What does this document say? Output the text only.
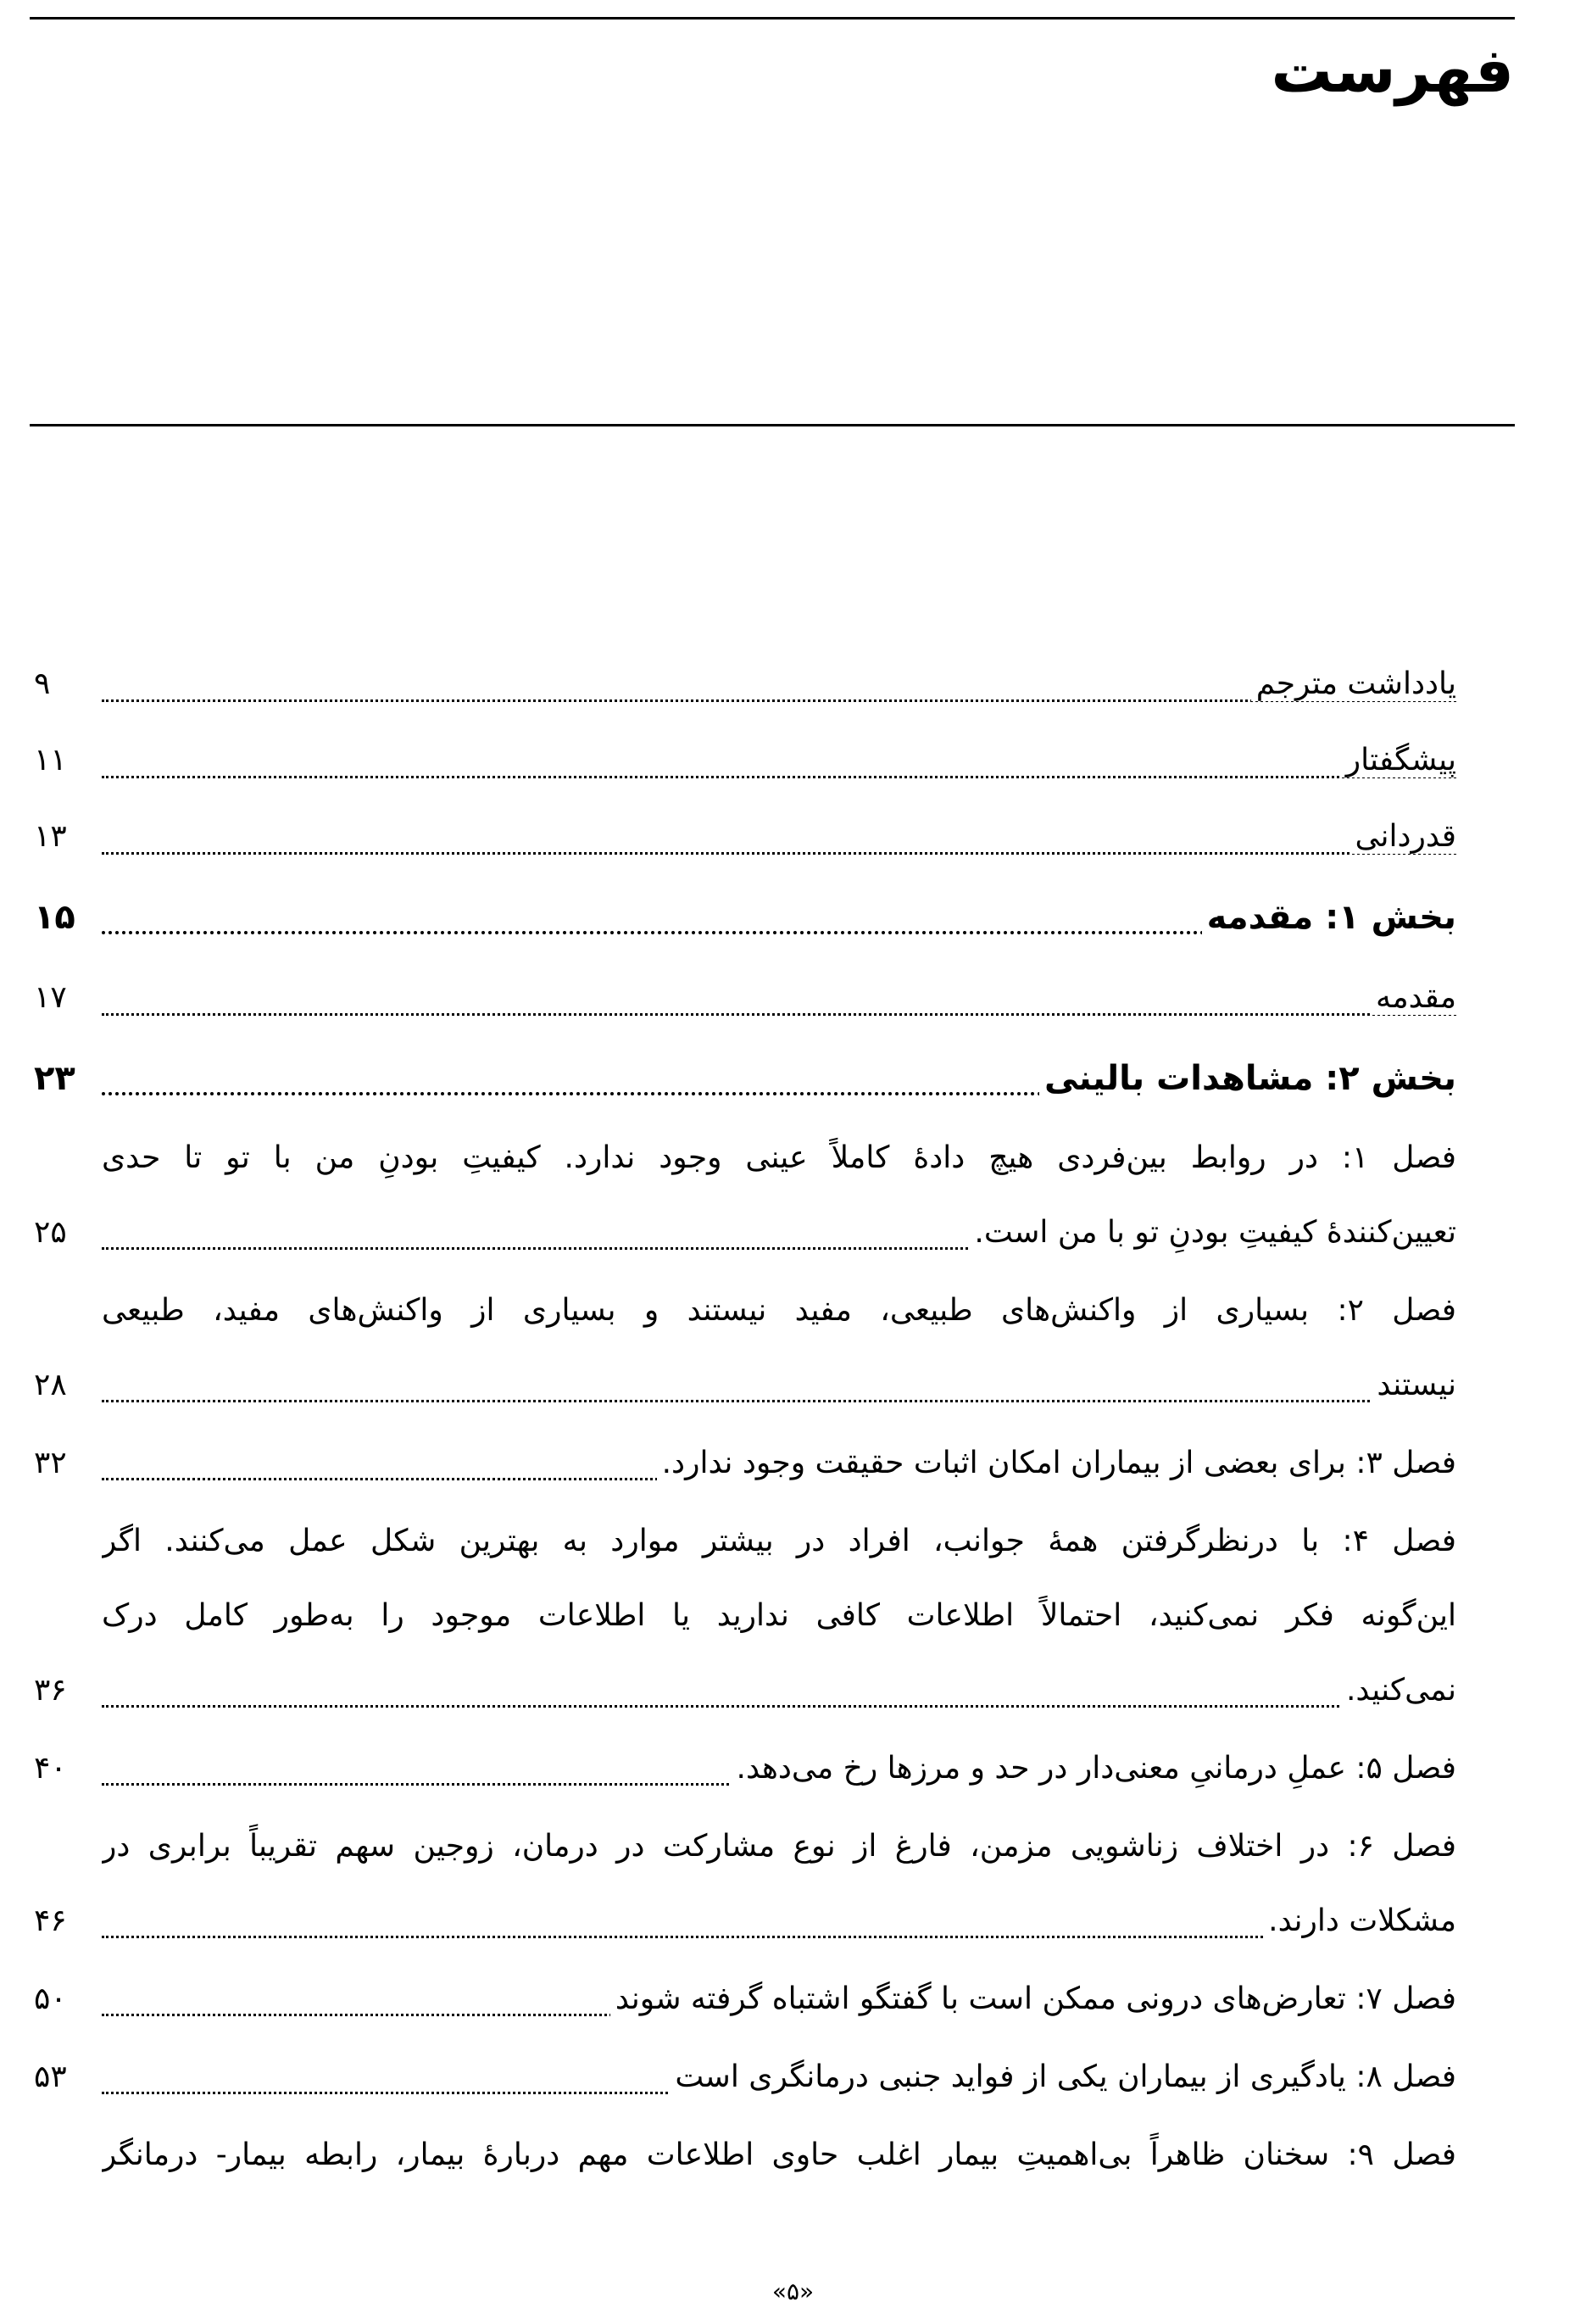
فهرست
یادداشت مترجم
۹
پیشگفتار
۱۱
قدردانی
۱۳
بخش ۱: مقدمه
۱۵
مقدمه
۱۷
بخش ۲: مشاهدات بالینی
۲۳
فصل ۱: در روابط بین‌فردی هیچ دادهٔ کاملاً عینی وجود ندارد. کیفیتِ بودنِ من با تو تا حدی
تعیین‌کنندهٔ کیفیتِ بودنِ تو با من است.
۲۵
فصل ۲: بسیاری از واکنش‌های طبیعی، مفید نیستند و بسیاری از واکنش‌های مفید، طبیعی
نیستند
۲۸
فصل ۳: برای بعضی از بیماران امکان اثبات حقیقت وجود ندارد.
۳۲
فصل ۴: با درنظرگرفتن همهٔ جوانب، افراد در بیشتر موارد به بهترین شکل عمل می‌کنند. اگر
این‌گونه فکر نمی‌کنید، احتمالاً اطلاعات کافی ندارید یا اطلاعات موجود را به‌طور کامل درک
نمی‌کنید.
۳۶
فصل ۵: عملِ درمانیِ معنی‌دار در حد و مرزها رخ می‌دهد.
۴۰
فصل ۶: در اختلاف زناشویی مزمن، فارغ از نوع مشارکت در درمان، زوجین سهم تقریباً برابری در
مشکلات دارند.
۴۶
فصل ۷: تعارض‌های درونی ممکن است با گفتگو اشتباه گرفته شوند
۵۰
فصل ۸: یادگیری از بیماران یکی از فواید جنبی درمانگری است
۵۳
فصل ۹: سخنان ظاهراً بی‌اهمیتِ بیمار اغلب حاوی اطلاعات مهم دربارهٔ بیمار، رابطه بیمار- درمانگر
«۵»
